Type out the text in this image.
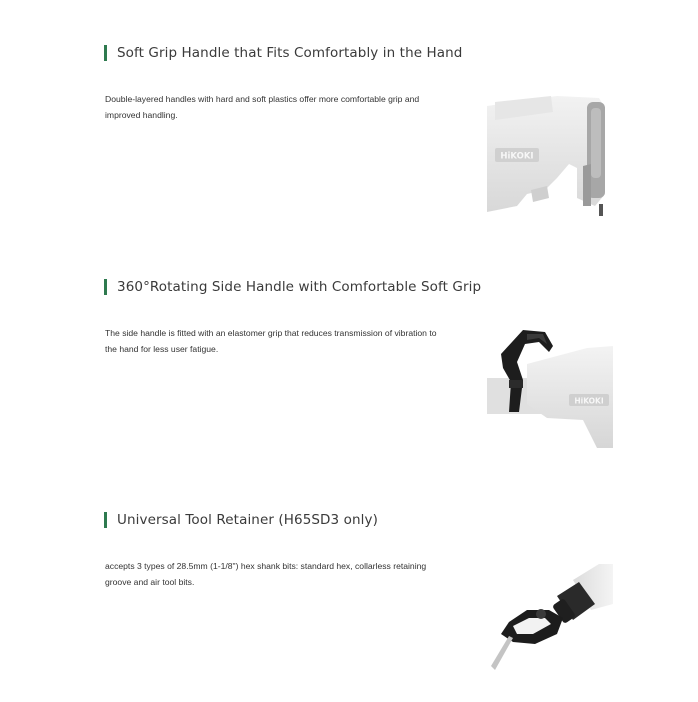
Soft Grip Handle that Fits Comfortably in the Hand

Double-layered handles with hard and soft plastics offer more comfortable grip and improved handling.

HiKOKI
360°Rotating Side Handle with Comfortable Soft Grip

The side handle is fitted with an elastomer grip that reduces transmission of vibration to the hand for less user fatigue.

HiKOKI
Universal Tool Retainer (H65SD3 only)

accepts 3 types of 28.5mm (1-1/8") hex shank bits: standard hex, collarless retaining groove and air tool bits.
